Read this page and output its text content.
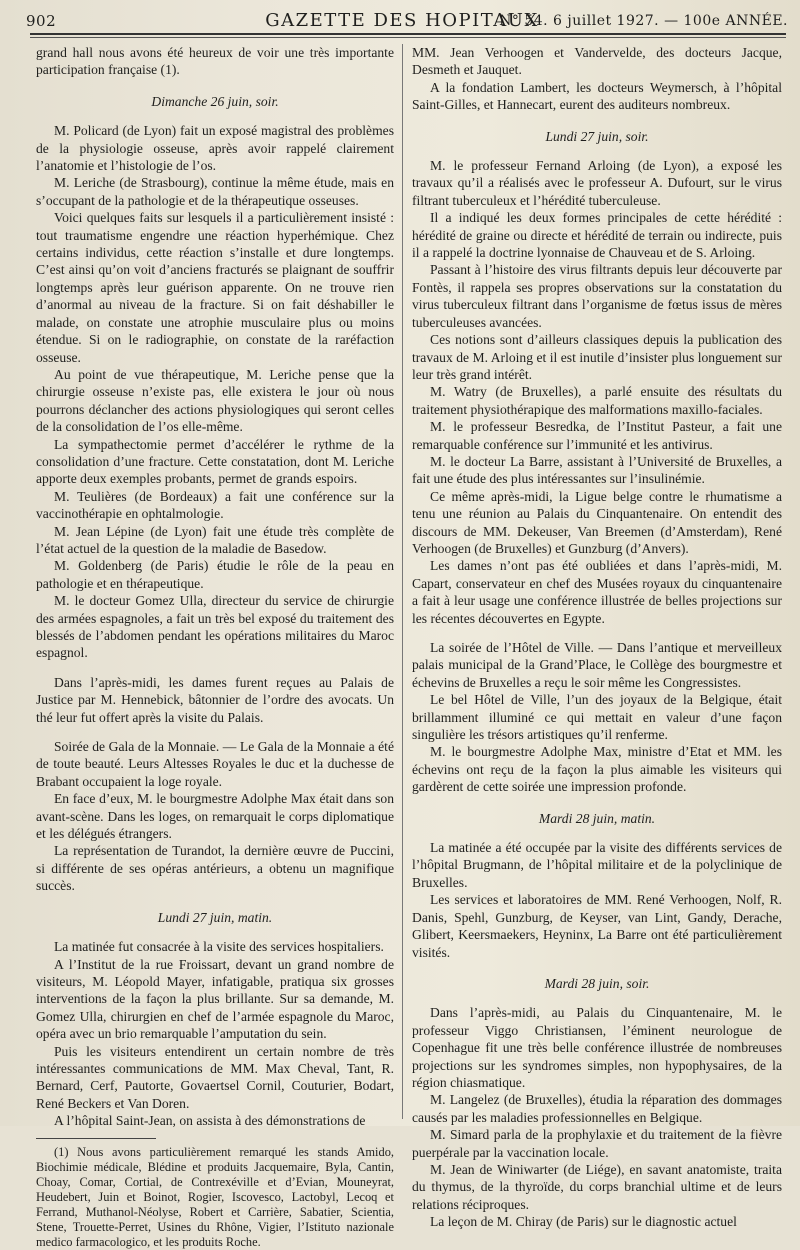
902	GAZETTE DES HOPITAUX
N° 54. 6 juillet 1927. — 100e ANNÉE.

grand hall nous avons été heureux de voir une très importante participation française (1).

Dimanche 26 juin, soir.

M. Policard (de Lyon) fait un exposé magistral des problèmes de la physiologie osseuse, après avoir rappelé clairement l’anatomie et l’histologie de l’os.

M. Leriche (de Strasbourg), continue la même étude, mais en s’occupant de la pathologie et de la thérapeutique osseuses.

Voici quelques faits sur lesquels il a particulièrement insisté : tout traumatisme engendre une réaction hyperhémique. Chez certains individus, cette réaction s’installe et dure longtemps. C’est ainsi qu’on voit d’anciens fracturés se plaignant de souffrir longtemps après leur guérison apparente. On ne trouve rien d’anormal au niveau de la fracture. Si on fait déshabiller le malade, on constate une atrophie musculaire plus ou moins étendue. Si on le radiographie, on constate de la raréfaction osseuse.

Au point de vue thérapeutique, M. Leriche pense que la chirurgie osseuse n’existe pas, elle existera le jour où nous pourrons déclancher des actions physiologiques qui seront celles de la consolidation de l’os elle-même.

La sympathectomie permet d’accélérer le rythme de la consolidation d’une fracture. Cette constatation, dont M. Leriche apporte deux exemples probants, permet de grands espoirs.

M. Teulières (de Bordeaux) a fait une conférence sur la vaccinothérapie en ophtalmologie.

M. Jean Lépine (de Lyon) fait une étude très complète de l’état actuel de la question de la maladie de Basedow.

M. Goldenberg (de Paris) étudie le rôle de la peau en pathologie et en thérapeutique.

M. le docteur Gomez Ulla, directeur du service de chirurgie des armées espagnoles, a fait un très bel exposé du traitement des blessés de l’abdomen pendant les opérations militaires du Maroc espagnol.

Dans l’après-midi, les dames furent reçues au Palais de Justice par M. Hennebick, bâtonnier de l’ordre des avocats. Un thé leur fut offert après la visite du Palais.

Soirée de Gala de la Monnaie. — Le Gala de la Monnaie a été de toute beauté. Leurs Altesses Royales le duc et la duchesse de Brabant occupaient la loge royale.

En face d’eux, M. le bourgmestre Adolphe Max était dans son avant-scène. Dans les loges, on remarquait le corps diplomatique et les délégués étrangers.

La représentation de Turandot, la dernière œuvre de Puccini, si différente de ses opéras antérieurs, a obtenu un magnifique succès.

Lundi 27 juin, matin.

La matinée fut consacrée à la visite des services hospitaliers.

A l’Institut de la rue Froissart, devant un grand nombre de visiteurs, M. Léopold Mayer, infatigable, pratiqua six grosses interventions de la façon la plus brillante. Sur sa demande, M. Gomez Ulla, chirurgien en chef de l’armée espagnole du Maroc, opéra avec un brio remarquable l’amputation du sein.

Puis les visiteurs entendirent un certain nombre de très intéressantes communications de MM. Max Cheval, Tant, R. Bernard, Cerf, Pautorte, Govaertsel Cornil, Couturier, Bodart, René Beckers et Van Doren.

A l’hôpital Saint-Jean, on assista à des démonstrations de

(1) Nous avons particulièrement remarqué les stands Amido, Biochimie médicale, Blédine et produits Jacquemaire, Byla, Cantin, Choay, Comar, Cortial, de Contrexéville et d’Evian, Mouneyrat, Heudebert, Juin et Boinot, Rogier, Iscovesco, Lactobyl, Lecoq et Ferrand, Muthanol-Néolyse, Robert et Carrière, Sabatier, Scientia, Stene, Trouette-Perret, Usines du Rhône, Vigier, l’Istituto nazionale medico farmacologico, et les produits Roche.

MM. Jean Verhoogen et Vandervelde, des docteurs Jacque, Desmeth et Jauquet.

A la fondation Lambert, les docteurs Weymersch, à l’hôpital Saint-Gilles, et Hannecart, eurent des auditeurs nombreux.

Lundi 27 juin, soir.

M. le professeur Fernand Arloing (de Lyon), a exposé les travaux qu’il a réalisés avec le professeur A. Dufourt, sur le virus filtrant tuberculeux et l’hérédité tuberculeuse.

Il a indiqué les deux formes principales de cette hérédité : hérédité de graine ou directe et hérédité de terrain ou indirecte, puis il a rappelé la doctrine lyonnaise de Chauveau et de S. Arloing.

Passant à l’histoire des virus filtrants depuis leur découverte par Fontès, il rappela ses propres observations sur la constatation du virus tuberculeux filtrant dans l’organisme de fœtus issus de mères tuberculeuses avancées.

Ces notions sont d’ailleurs classiques depuis la publication des travaux de M. Arloing et il est inutile d’insister plus longuement sur leur très grand intérêt.

M. Watry (de Bruxelles), a parlé ensuite des résultats du traitement physiothérapique des malformations maxillo-faciales.

M. le professeur Besredka, de l’Institut Pasteur, a fait une remarquable conférence sur l’immunité et les antivirus.

M. le docteur La Barre, assistant à l’Université de Bruxelles, a fait une étude des plus intéressantes sur l’insulinémie.

Ce même après-midi, la Ligue belge contre le rhumatisme a tenu une réunion au Palais du Cinquantenaire. On entendit des discours de MM. Dekeuser, Van Breemen (d’Amsterdam), René Verhoogen (de Bruxelles) et Gunzburg (d’Anvers).

Les dames n’ont pas été oubliées et dans l’après-midi, M. Capart, conservateur en chef des Musées royaux du cinquantenaire a fait à leur usage une conférence illustrée de belles projections sur les récentes découvertes en Egypte.

La soirée de l’Hôtel de Ville. — Dans l’antique et merveilleux palais municipal de la Grand’Place, le Collège des bourgmestre et échevins de Bruxelles a reçu le soir même les Congressistes.

Le bel Hôtel de Ville, l’un des joyaux de la Belgique, était brillamment illuminé ce qui mettait en valeur d’une façon singulière les trésors artistiques qu’il renferme.

M. le bourgmestre Adolphe Max, ministre d’Etat et MM. les échevins ont reçu de la façon la plus aimable les visiteurs qui gardèrent de cette soirée une impression profonde.

Mardi 28 juin, matin.

La matinée a été occupée par la visite des différents services de l’hôpital Brugmann, de l’hôpital militaire et de la polyclinique de Bruxelles.

Les services et laboratoires de MM. René Verhoogen, Nolf, R. Danis, Spehl, Gunzburg, de Keyser, van Lint, Gandy, Derache, Glibert, Keersmaekers, Heyninx, La Barre ont été particulièrement visités.

Mardi 28 juin, soir.

Dans l’après-midi, au Palais du Cinquantenaire, M. le professeur Viggo Christiansen, l’éminent neurologue de Copenhague fit une très belle conférence illustrée de nombreuses projections sur les syndromes simples, non hypophysaires, de la région chiasmatique.

M. Langelez (de Bruxelles), étudia la réparation des dommages causés par les maladies professionnelles en Belgique.

M. Simard parla de la prophylaxie et du traitement de la fièvre puerpérale par la vaccination locale.

M. Jean de Winiwarter (de Liége), en savant anatomiste, traita du thymus, de la thyroïde, du corps branchial ultime et de leurs relations réciproques.

La leçon de M. Chiray (de Paris) sur le diagnostic actuel
